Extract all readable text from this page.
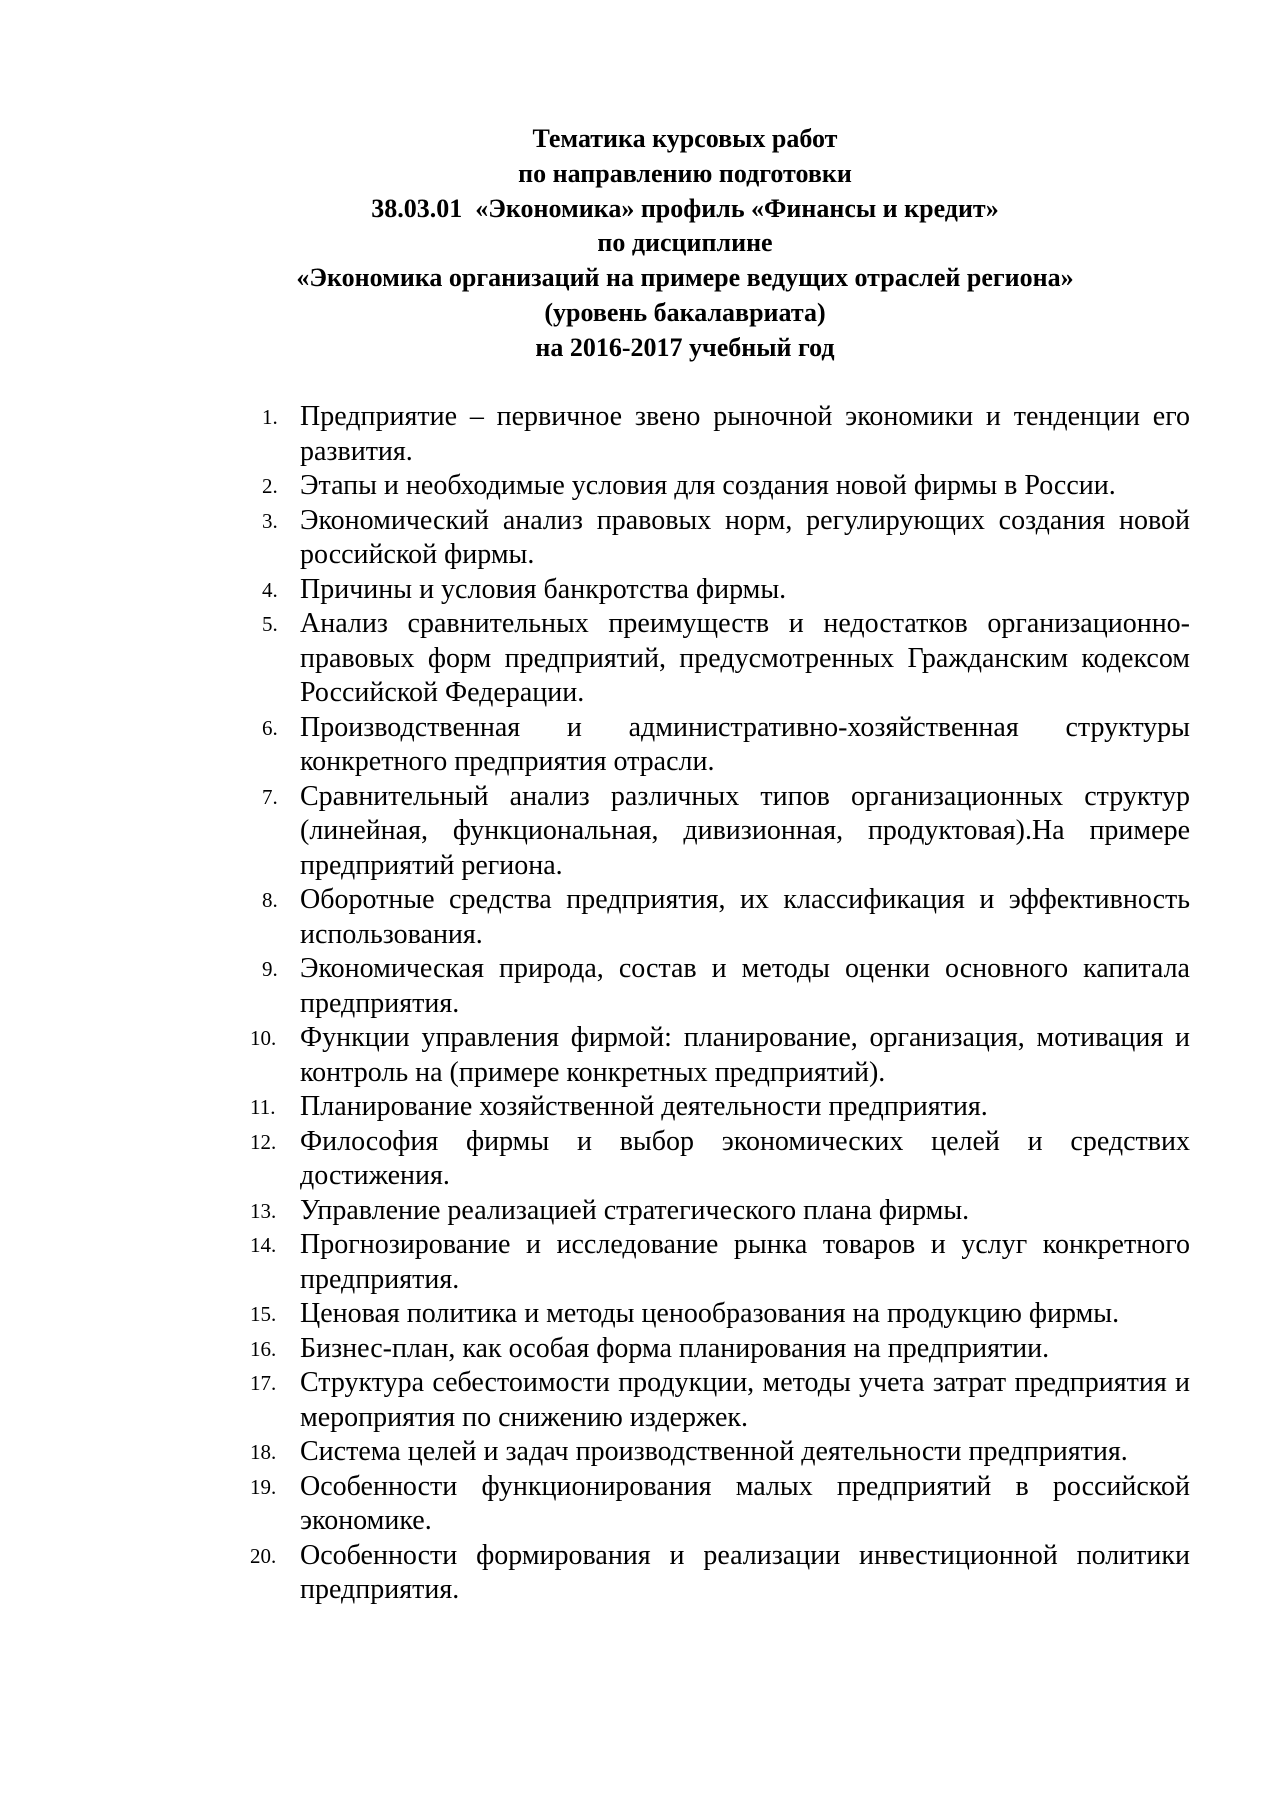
Тематика курсовых работ
по направлению подготовки
38.03.01  «Экономика» профиль «Финансы и кредит»
по дисциплине
«Экономика организаций на примере ведущих отраслей региона»
(уровень бакалавриата)
на 2016-2017 учебный год
1. Предприятие – первичное звено рыночной экономики и тенденции его развития.
2. Этапы и необходимые условия для создания новой фирмы в России.
3. Экономический анализ правовых норм, регулирующих создания новой российской фирмы.
4. Причины и условия банкротства фирмы.
5. Анализ сравнительных преимуществ и недостатков организационно-правовых форм предприятий, предусмотренных Гражданским кодексом Российской Федерации.
6. Производственная и административно-хозяйственная структуры конкретного предприятия отрасли.
7. Сравнительный анализ различных типов организационных структур (линейная, функциональная, дивизионная, продуктовая).На примере предприятий региона.
8. Оборотные средства предприятия, их классификация и эффективность использования.
9. Экономическая природа, состав и методы оценки основного капитала предприятия.
10. Функции управления фирмой: планирование, организация, мотивация и контроль на (примере конкретных предприятий).
11. Планирование хозяйственной деятельности предприятия.
12. Философия фирмы и выбор экономических целей и средствих достижения.
13. Управление реализацией стратегического плана фирмы.
14. Прогнозирование и исследование рынка товаров и услуг конкретного предприятия.
15. Ценовая политика и методы ценообразования на продукцию фирмы.
16. Бизнес-план, как особая форма планирования на предприятии.
17. Структура себестоимости продукции, методы учета затрат предприятия и мероприятия по снижению издержек.
18. Система целей и задач производственной деятельности предприятия.
19. Особенности функционирования малых предприятий в российской экономике.
20. Особенности формирования и реализации инвестиционной политики предприятия.
